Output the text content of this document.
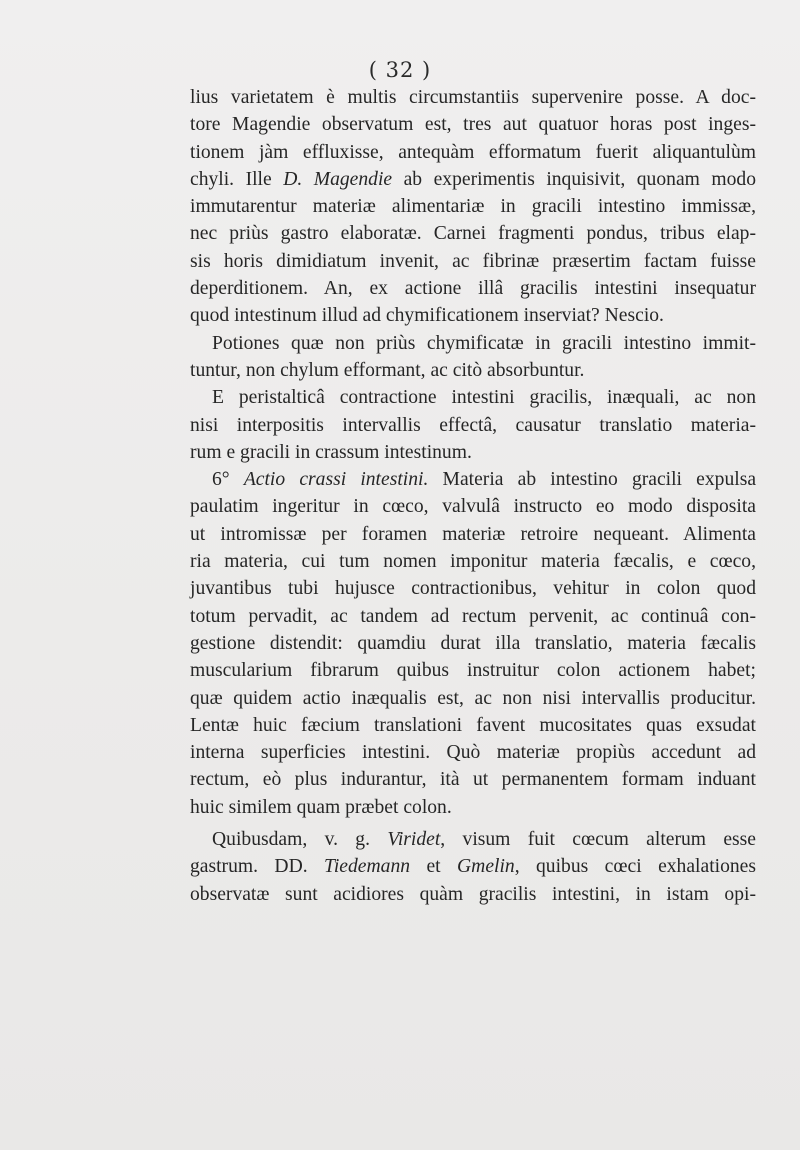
( 32 )
lius varietatem è multis circumstantiis supervenire posse. A doc-
tore Magendie observatum est, tres aut quatuor horas post inges-
tionem jàm effluxisse, antequàm efformatum fuerit aliquantulùm
chyli. Ille D. Magendie ab experimentis inquisivit, quonam modo
immutarentur materiæ alimentariæ in gracili intestino immissæ,
nec priùs gastro elaboratæ. Carnei fragmenti pondus, tribus elap-
sis horis dimidiatum invenit, ac fibrinæ præsertim factam fuisse
deperditionem. An, ex actione illâ gracilis intestini insequatur
quod intestinum illud ad chymificationem inserviat? Nescio.
Potiones quæ non priùs chymificatæ in gracili intestino immit-
tuntur, non chylum efformant, ac citò absorbuntur.
E peristalticâ contractione intestini gracilis, inæquali, ac non
nisi interpositis intervallis effectâ, causatur translatio materia-
rum e gracili in crassum intestinum.
6° Actio crassi intestini. Materia ab intestino gracili expulsa
paulatim ingeritur in cœco, valvulâ instructo eo modo disposita
ut intromissæ per foramen materiæ retroire nequeant. Alimenta
ria materia, cui tum nomen imponitur materia fæcalis, e cœco,
juvantibus tubi hujusce contractionibus, vehitur in colon quod
totum pervadit, ac tandem ad rectum pervenit, ac continuâ con-
gestione distendit: quamdiu durat illa translatio, materia fæcalis
muscularium fibrarum quibus instruitur colon actionem habet;
quæ quidem actio inæqualis est, ac non nisi intervallis producitur.
Lentæ huic fæcium translationi favent mucositates quas exsudat
interna superficies intestini. Quò materiæ propiùs accedunt ad
rectum, eò plus indurantur, ità ut permanentem formam induant
huic similem quam præbet colon.
Quibusdam, v. g. Viridet, visum fuit cœcum alterum esse
gastrum. DD. Tiedemann et Gmelin, quibus cœci exhalationes
observatæ sunt acidiores quàm gracilis intestini, in istam opi-
